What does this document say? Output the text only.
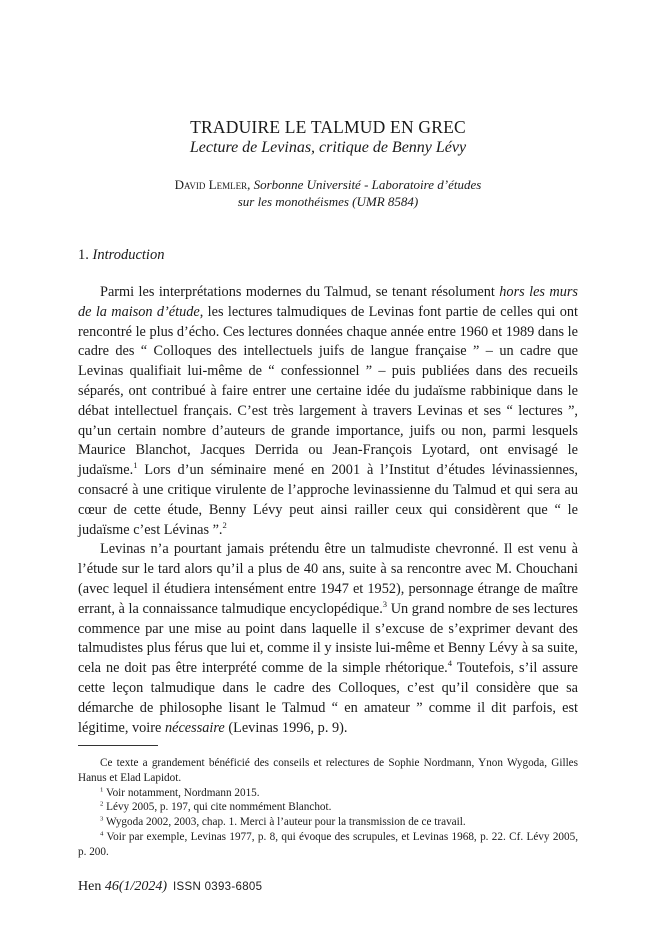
TRADUIRE LE TALMUD EN GREC
Lecture de Levinas, critique de Benny Lévy
David Lemler, Sorbonne Université - Laboratoire d’études
sur les monothéismes (UMR 8584)
1. Introduction

Parmi les interprétations modernes du Talmud, se tenant résolument hors les murs de la maison d’étude, les lectures talmudiques de Levinas font partie de celles qui ont rencontré le plus d’écho. Ces lectures données chaque année entre 1960 et 1989 dans le cadre des “ Colloques des intellectuels juifs de langue française ” – un cadre que Levinas qualifiait lui-même de “ confessionnel ” – puis publiées dans des recueils séparés, ont contribué à faire entrer une certaine idée du judaïsme rabbinique dans le débat intellectuel français. C’est très largement à travers Levinas et ses “ lectures ”, qu’un certain nombre d’auteurs de grande importance, juifs ou non, parmi lesquels Maurice Blanchot, Jacques Derrida ou Jean-François Lyotard, ont envisagé le judaïsme.$^1$ Lors d’un séminaire mené en 2001 à l’Institut d’études lévinassiennes, consacré à une critique virulente de l’approche levinassienne du Talmud et qui sera au cœur de cette étude, Benny Lévy peut ainsi railler ceux qui considèrent que “ le judaïsme c’est Lévinas ”.$^2$

Levinas n’a pourtant jamais prétendu être un talmudiste chevronné. Il est venu à l’étude sur le tard alors qu’il a plus de 40 ans, suite à sa rencontre avec M. Chouchani (avec lequel il étudiera intensément entre 1947 et 1952), personnage étrange de maître errant, à la connaissance talmudique encyclopédique.$^3$ Un grand nombre de ses lectures commence par une mise au point dans laquelle il s’excuse de s’exprimer devant des talmudistes plus férus que lui et, comme il y insiste lui-même et Benny Lévy à sa suite, cela ne doit pas être interprété comme de la simple rhétorique.$^4$ Toutefois, s’il assure cette leçon talmudique dans le cadre des Colloques, c’est qu’il considère que sa démarche de philosophe lisant le Talmud “ en amateur ” comme il dit parfois, est légitime, voire nécessaire (Levinas 1996, p. 9).

Ce texte a grandement bénéficié des conseils et relectures de Sophie Nordmann, Ynon Wygoda, Gilles Hanus et Elad Lapidot.

$^1$ Voir notamment, Nordmann 2015.

$^2$ Lévy 2005, p. 197, qui cite nommément Blanchot.

$^3$ Wygoda 2002, 2003, chap. 1. Merci à l’auteur pour la transmission de ce travail.

$^4$ Voir par exemple, Levinas 1977, p. 8, qui évoque des scrupules, et Levinas 1968, p. 22. Cf. Lévy 2005, p. 200.

Hen 46(1/2024) ISSN 0393-6805
